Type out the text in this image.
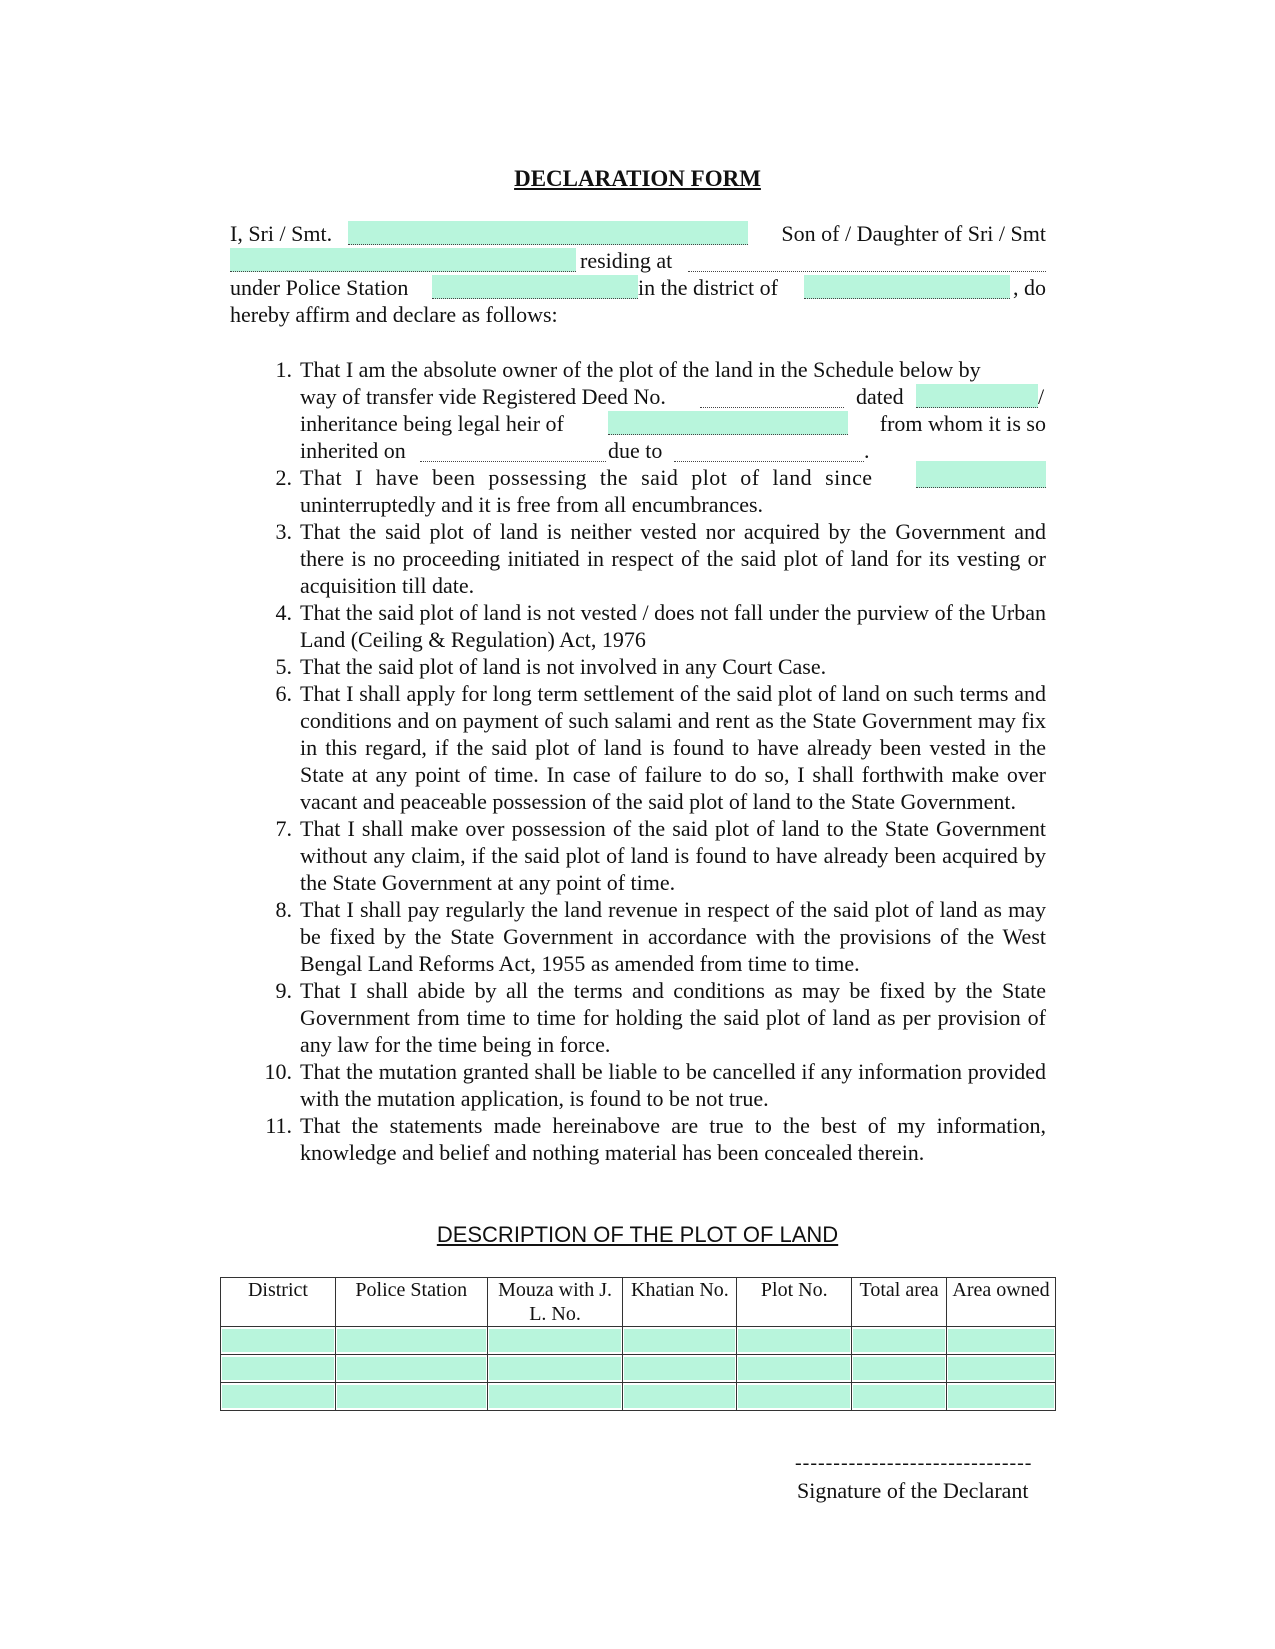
DECLARATION FORM
I, Sri / Smt.	Son of / Daughter of Sri / Smt
residing at
under Police Station	in the district of	, do
hereby affirm and declare as follows:
1. That I am the absolute owner of the plot of the land in the Schedule below by
way of transfer vide Registered Deed No.	dated	/
inheritance being legal heir of	from whom it is so
inherited on	due to	.
2. That I have been possessing the said plot of land since
uninterruptedly and it is free from all encumbrances.
3. That the said plot of land is neither vested nor acquired by the Government and there is no proceeding initiated in respect of the said plot of land for its vesting or acquisition till date.
4. That the said plot of land is not vested / does not fall under the purview of the Urban Land (Ceiling & Regulation) Act, 1976
5. That the said plot of land is not involved in any Court Case.
6. That I shall apply for long term settlement of the said plot of land on such terms and conditions and on payment of such salami and rent as the State Government may fix in this regard, if the said plot of land is found to have already been vested in the State at any point of time. In case of failure to do so, I shall forthwith make over vacant and peaceable possession of the said plot of land to the State Government.
7. That I shall make over possession of the said plot of land to the State Government without any claim, if the said plot of land is found to have already been acquired by the State Government at any point of time.
8. That I shall pay regularly the land revenue in respect of the said plot of land as may be fixed by the State Government in accordance with the provisions of the West Bengal Land Reforms Act, 1955 as amended from time to time.
9. That I shall abide by all the terms and conditions as may be fixed by the State Government from time to time for holding the said plot of land as per provision of any law for the time being in force.
10. That the mutation granted shall be liable to be cancelled if any information provided with the mutation application, is found to be not true.
11. That the statements made hereinabove are true to the best of my information, knowledge and belief and nothing material has been concealed therein.
DESCRIPTION OF THE PLOT OF LAND
District	Police Station	Mouza with J. L. No.	Khatian No.	Plot No.	Total area	Area owned

-------------------------------
Signature of the Declarant
